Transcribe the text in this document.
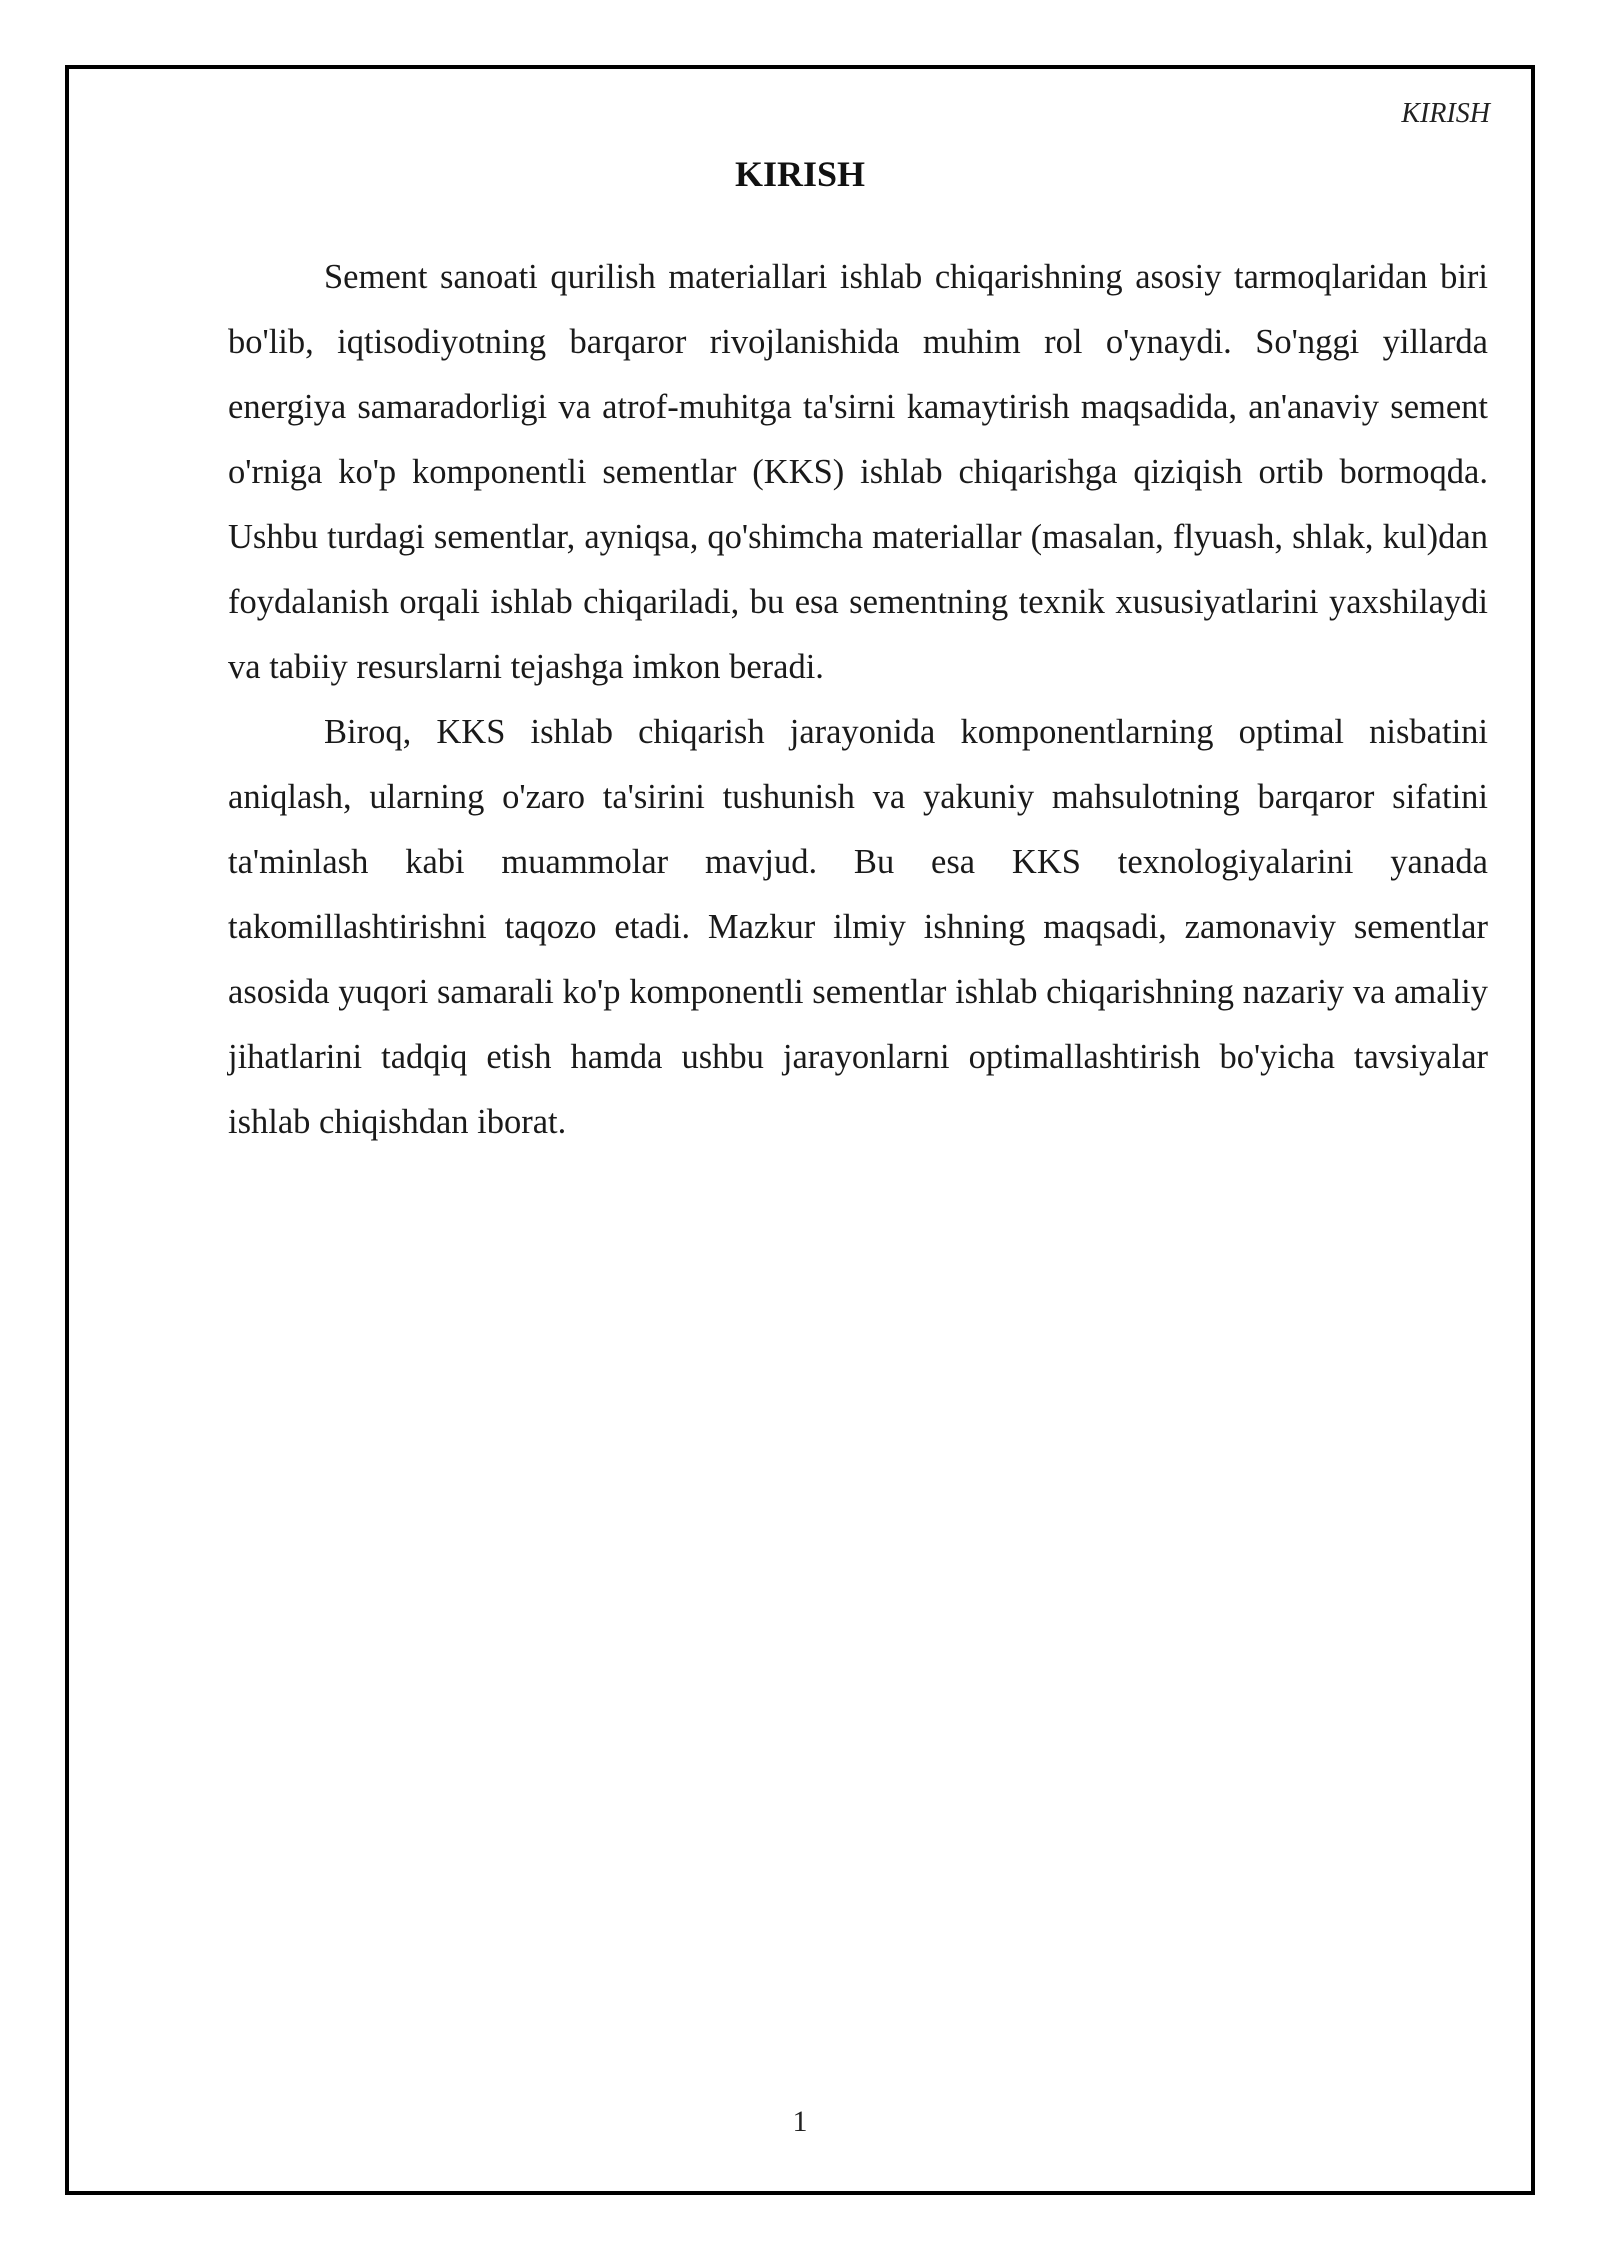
KIRISH
KIRISH

Sement sanoati qurilish materiallari ishlab chiqarishning asosiy tarmoqlaridan biri bo'lib, iqtisodiyotning barqaror rivojlanishida muhim rol o'ynaydi. So'nggi yillarda energiya samaradorligi va atrof-muhitga ta'sirni kamaytirish maqsadida, an'anaviy sement o'rniga ko'p komponentli sementlar (KKS) ishlab chiqarishga qiziqish ortib bormoqda. Ushbu turdagi sementlar, ayniqsa, qo'shimcha materiallar (masalan, flyuash, shlak, kul)dan foydalanish orqali ishlab chiqariladi, bu esa sementning texnik xususiyatlarini yaxshilaydi va tabiiy resurslarni tejashga imkon beradi.

Biroq, KKS ishlab chiqarish jarayonida komponentlarning optimal nisbatini aniqlash, ularning o'zaro ta'sirini tushunish va yakuniy mahsulotning barqaror sifatini ta'minlash kabi muammolar mavjud. Bu esa KKS texnologiyalarini yanada takomillashtirishni taqozo etadi. Mazkur ilmiy ishning maqsadi, zamonaviy sementlar asosida yuqori samarali ko'p komponentli sementlar ishlab chiqarishning nazariy va amaliy jihatlarini tadqiq etish hamda ushbu jarayonlarni optimallashtirish bo'yicha tavsiyalar ishlab chiqishdan iborat.

1
